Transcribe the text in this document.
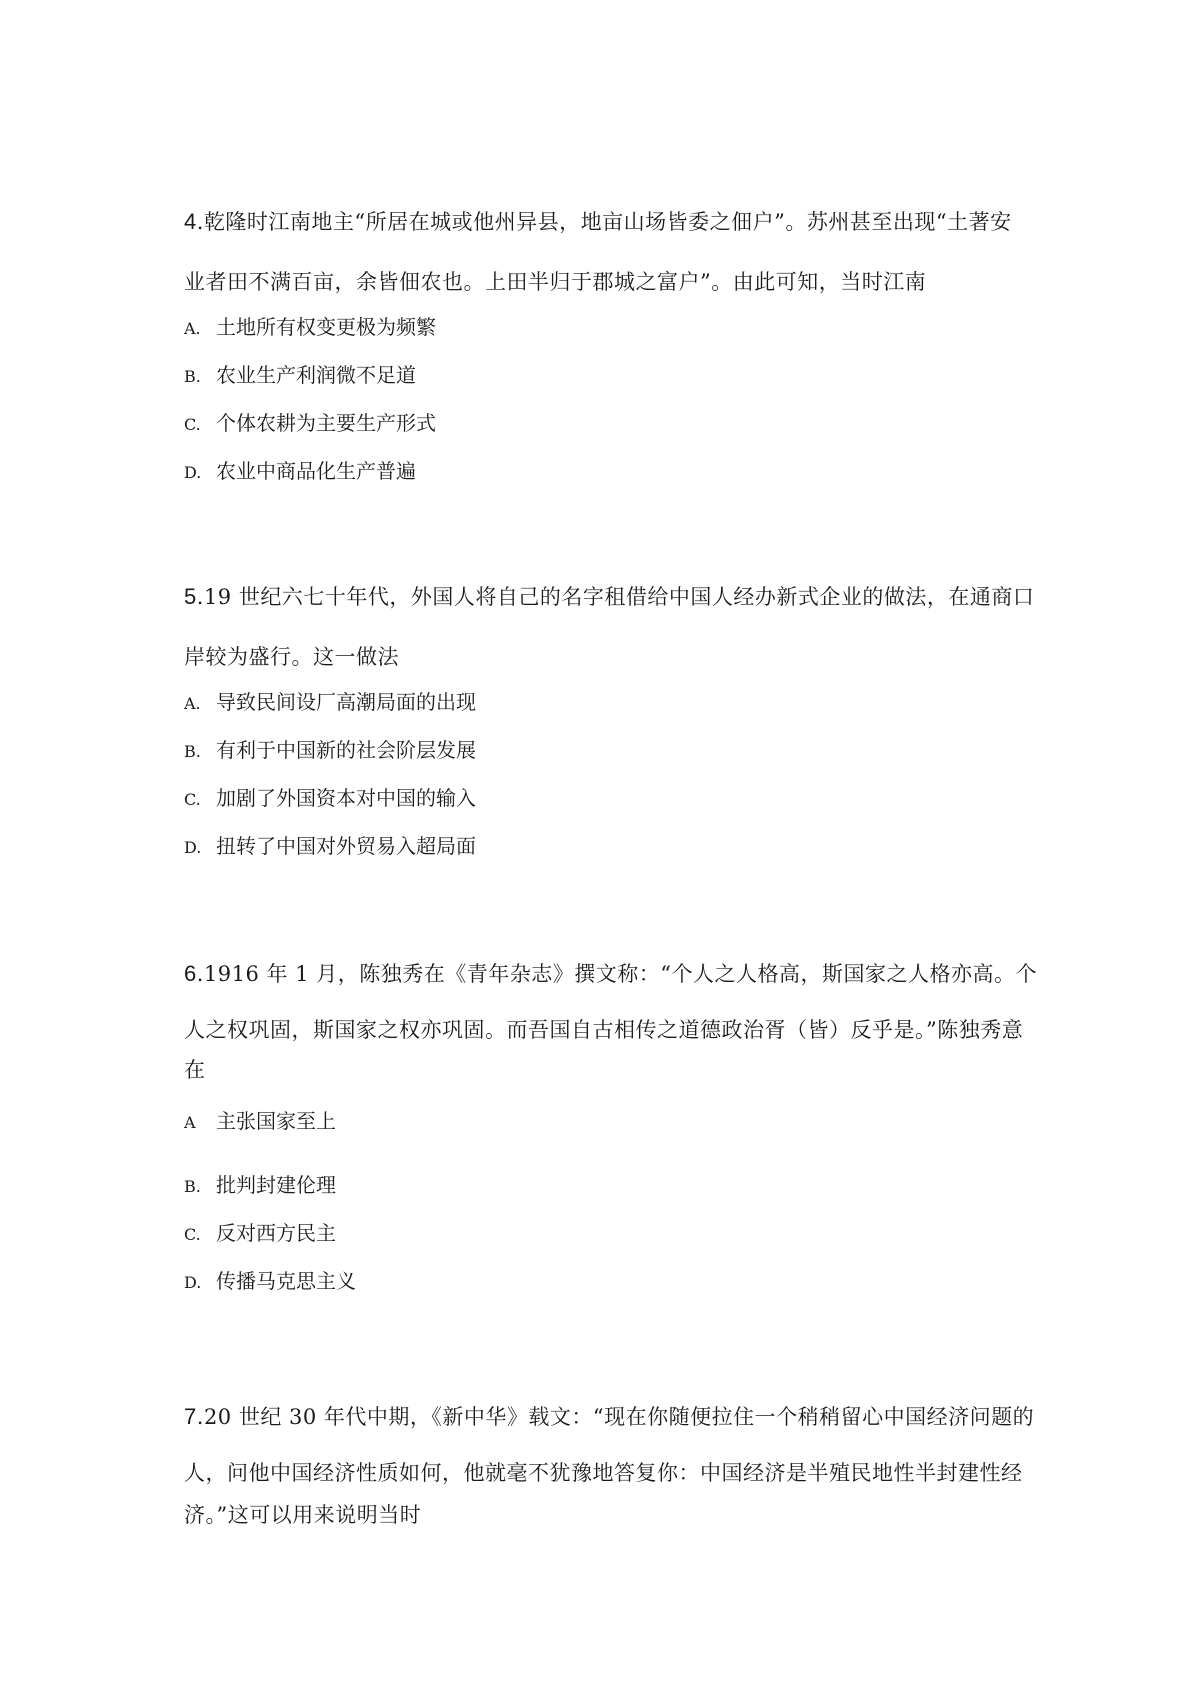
4.乾隆时江南地主“所居在城或他州异县，地亩山场皆委之佃户”。苏州甚至出现“土著安
业者田不满百亩，余皆佃农也。上田半归于郡城之富户”。由此可知，当时江南

A. 土地所有权变更极为频繁
B. 农业生产利润微不足道
C. 个体农耕为主要生产形式
D. 农业中商品化生产普遍

5.19 世纪六七十年代，外国人将自己的名字租借给中国人经办新式企业的做法，在通商口
岸较为盛行。这一做法

A. 导致民间设厂高潮局面的出现
B. 有利于中国新的社会阶层发展
C. 加剧了外国资本对中国的输入
D. 扭转了中国对外贸易入超局面

6.1916 年 1 月，陈独秀在《青年杂志》撰文称：“个人之人格高，斯国家之人格亦高。个
人之权巩固，斯国家之权亦巩固。而吾国自古相传之道德政治胥（皆）反乎是。”陈独秀意
在

A 主张国家至上
B. 批判封建伦理
C. 反对西方民主
D. 传播马克思主义

7.20 世纪 30 年代中期，《新中华》载文：“现在你随便拉住一个稍稍留心中国经济问题的
人，问他中国经济性质如何，他就毫不犹豫地答复你：中国经济是半殖民地性半封建性经
济。”这可以用来说明当时
